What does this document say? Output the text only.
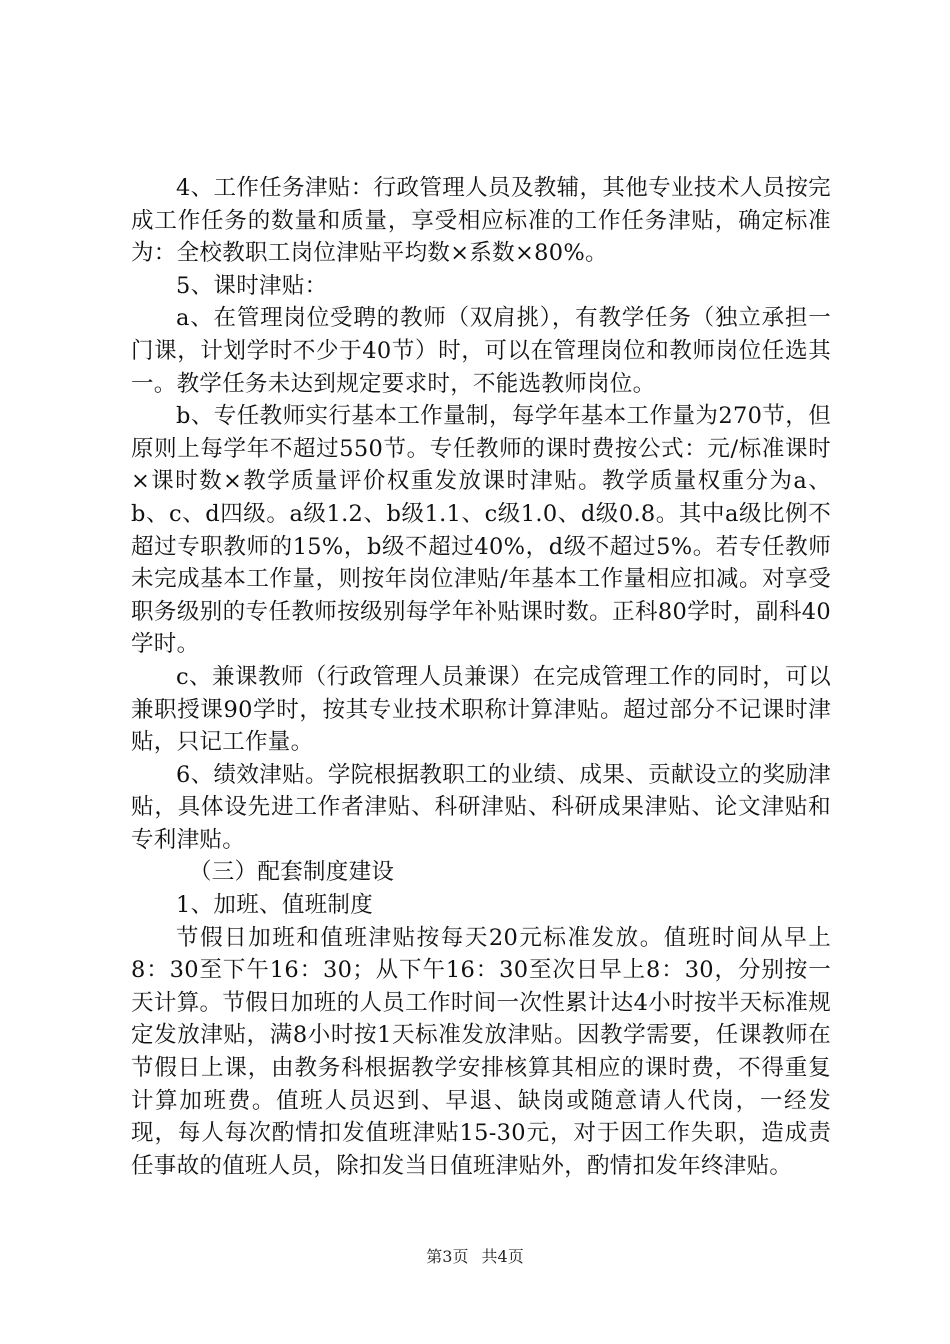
4、工作任务津贴：行政管理人员及教辅，其他专业技术人员按完成工作任务的数量和质量，享受相应标准的工作任务津贴，确定标准为：全校教职工岗位津贴平均数×系数×80%。

5、课时津贴：

a、在管理岗位受聘的教师（双肩挑），有教学任务（独立承担一门课，计划学时不少于40节）时，可以在管理岗位和教师岗位任选其一。教学任务未达到规定要求时，不能选教师岗位。

b、专任教师实行基本工作量制，每学年基本工作量为270节，但原则上每学年不超过550节。专任教师的课时费按公式：元/标准课时×课时数×教学质量评价权重发放课时津贴。教学质量权重分为a、b、c、d四级。a级1.2、b级1.1、c级1.0、d级0.8。其中a级比例不超过专职教师的15%，b级不超过40%，d级不超过5%。若专任教师未完成基本工作量，则按年岗位津贴/年基本工作量相应扣减。对享受职务级别的专任教师按级别每学年补贴课时数。正科80学时，副科40学时。

c、兼课教师（行政管理人员兼课）在完成管理工作的同时，可以兼职授课90学时，按其专业技术职称计算津贴。超过部分不记课时津贴，只记工作量。

6、绩效津贴。学院根据教职工的业绩、成果、贡献设立的奖励津贴，具体设先进工作者津贴、科研津贴、科研成果津贴、论文津贴和专利津贴。

（三）配套制度建设

1、加班、值班制度

节假日加班和值班津贴按每天20元标准发放。值班时间从早上8：30至下午16：30；从下午16：30至次日早上8：30，分别按一天计算。节假日加班的人员工作时间一次性累计达4小时按半天标准规定发放津贴，满8小时按1天标准发放津贴。因教学需要，任课教师在节假日上课，由教务科根据教学安排核算其相应的课时费，不得重复计算加班费。值班人员迟到、早退、缺岗或随意请人代岗，一经发现，每人每次酌情扣发值班津贴15-30元，对于因工作失职，造成责任事故的值班人员，除扣发当日值班津贴外，酌情扣发年终津贴。

第3页 共4页
